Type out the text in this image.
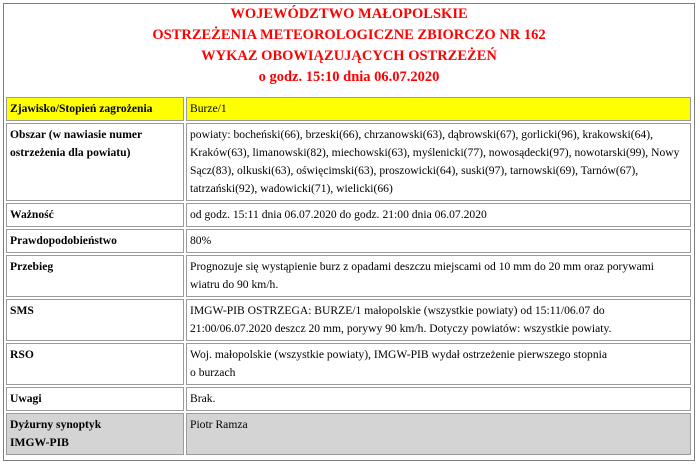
WOJEWÓDZTWO MAŁOPOLSKIE
OSTRZEŻENIA METEOROLOGICZNE ZBIORCZO NR 162
WYKAZ OBOWIĄZUJĄCYCH OSTRZEŻEŃ
o godz. 15:10 dnia 06.07.2020
Zjawisko/Stopień zagrożenia	Burze/1
Obszar (w nawiasie numer ostrzeżenia dla powiatu)	powiaty: bocheński(66), brzeski(66), chrzanowski(63), dąbrowski(67), gorlicki(96), krakowski(64), Kraków(63), limanowski(82), miechowski(63), myślenicki(77), nowosądecki(97), nowotarski(99), Nowy Sącz(83), olkuski(63), oświęcimski(63), proszowicki(64), suski(97), tarnowski(69), Tarnów(67), tatrzański(92), wadowicki(71), wielicki(66)
Ważność	od godz. 15:11 dnia 06.07.2020 do godz. 21:00 dnia 06.07.2020
Prawdopodobieństwo	80%
Przebieg	Prognozuje się wystąpienie burz z opadami deszczu miejscami od 10 mm do 20 mm oraz porywami wiatru do 90 km/h.
SMS	IMGW-PIB OSTRZEGA: BURZE/1 małopolskie (wszystkie powiaty) od 15:11/06.07 do 21:00/06.07.2020 deszcz 20 mm, porywy 90 km/h. Dotyczy powiatów: wszystkie powiaty.
RSO	Woj. małopolskie (wszystkie powiaty), IMGW-PIB wydał ostrzeżenie pierwszego stopnia
o burzach
Uwagi	Brak.
Dyżurny synoptyk
IMGW-PIB	Piotr Ramza
